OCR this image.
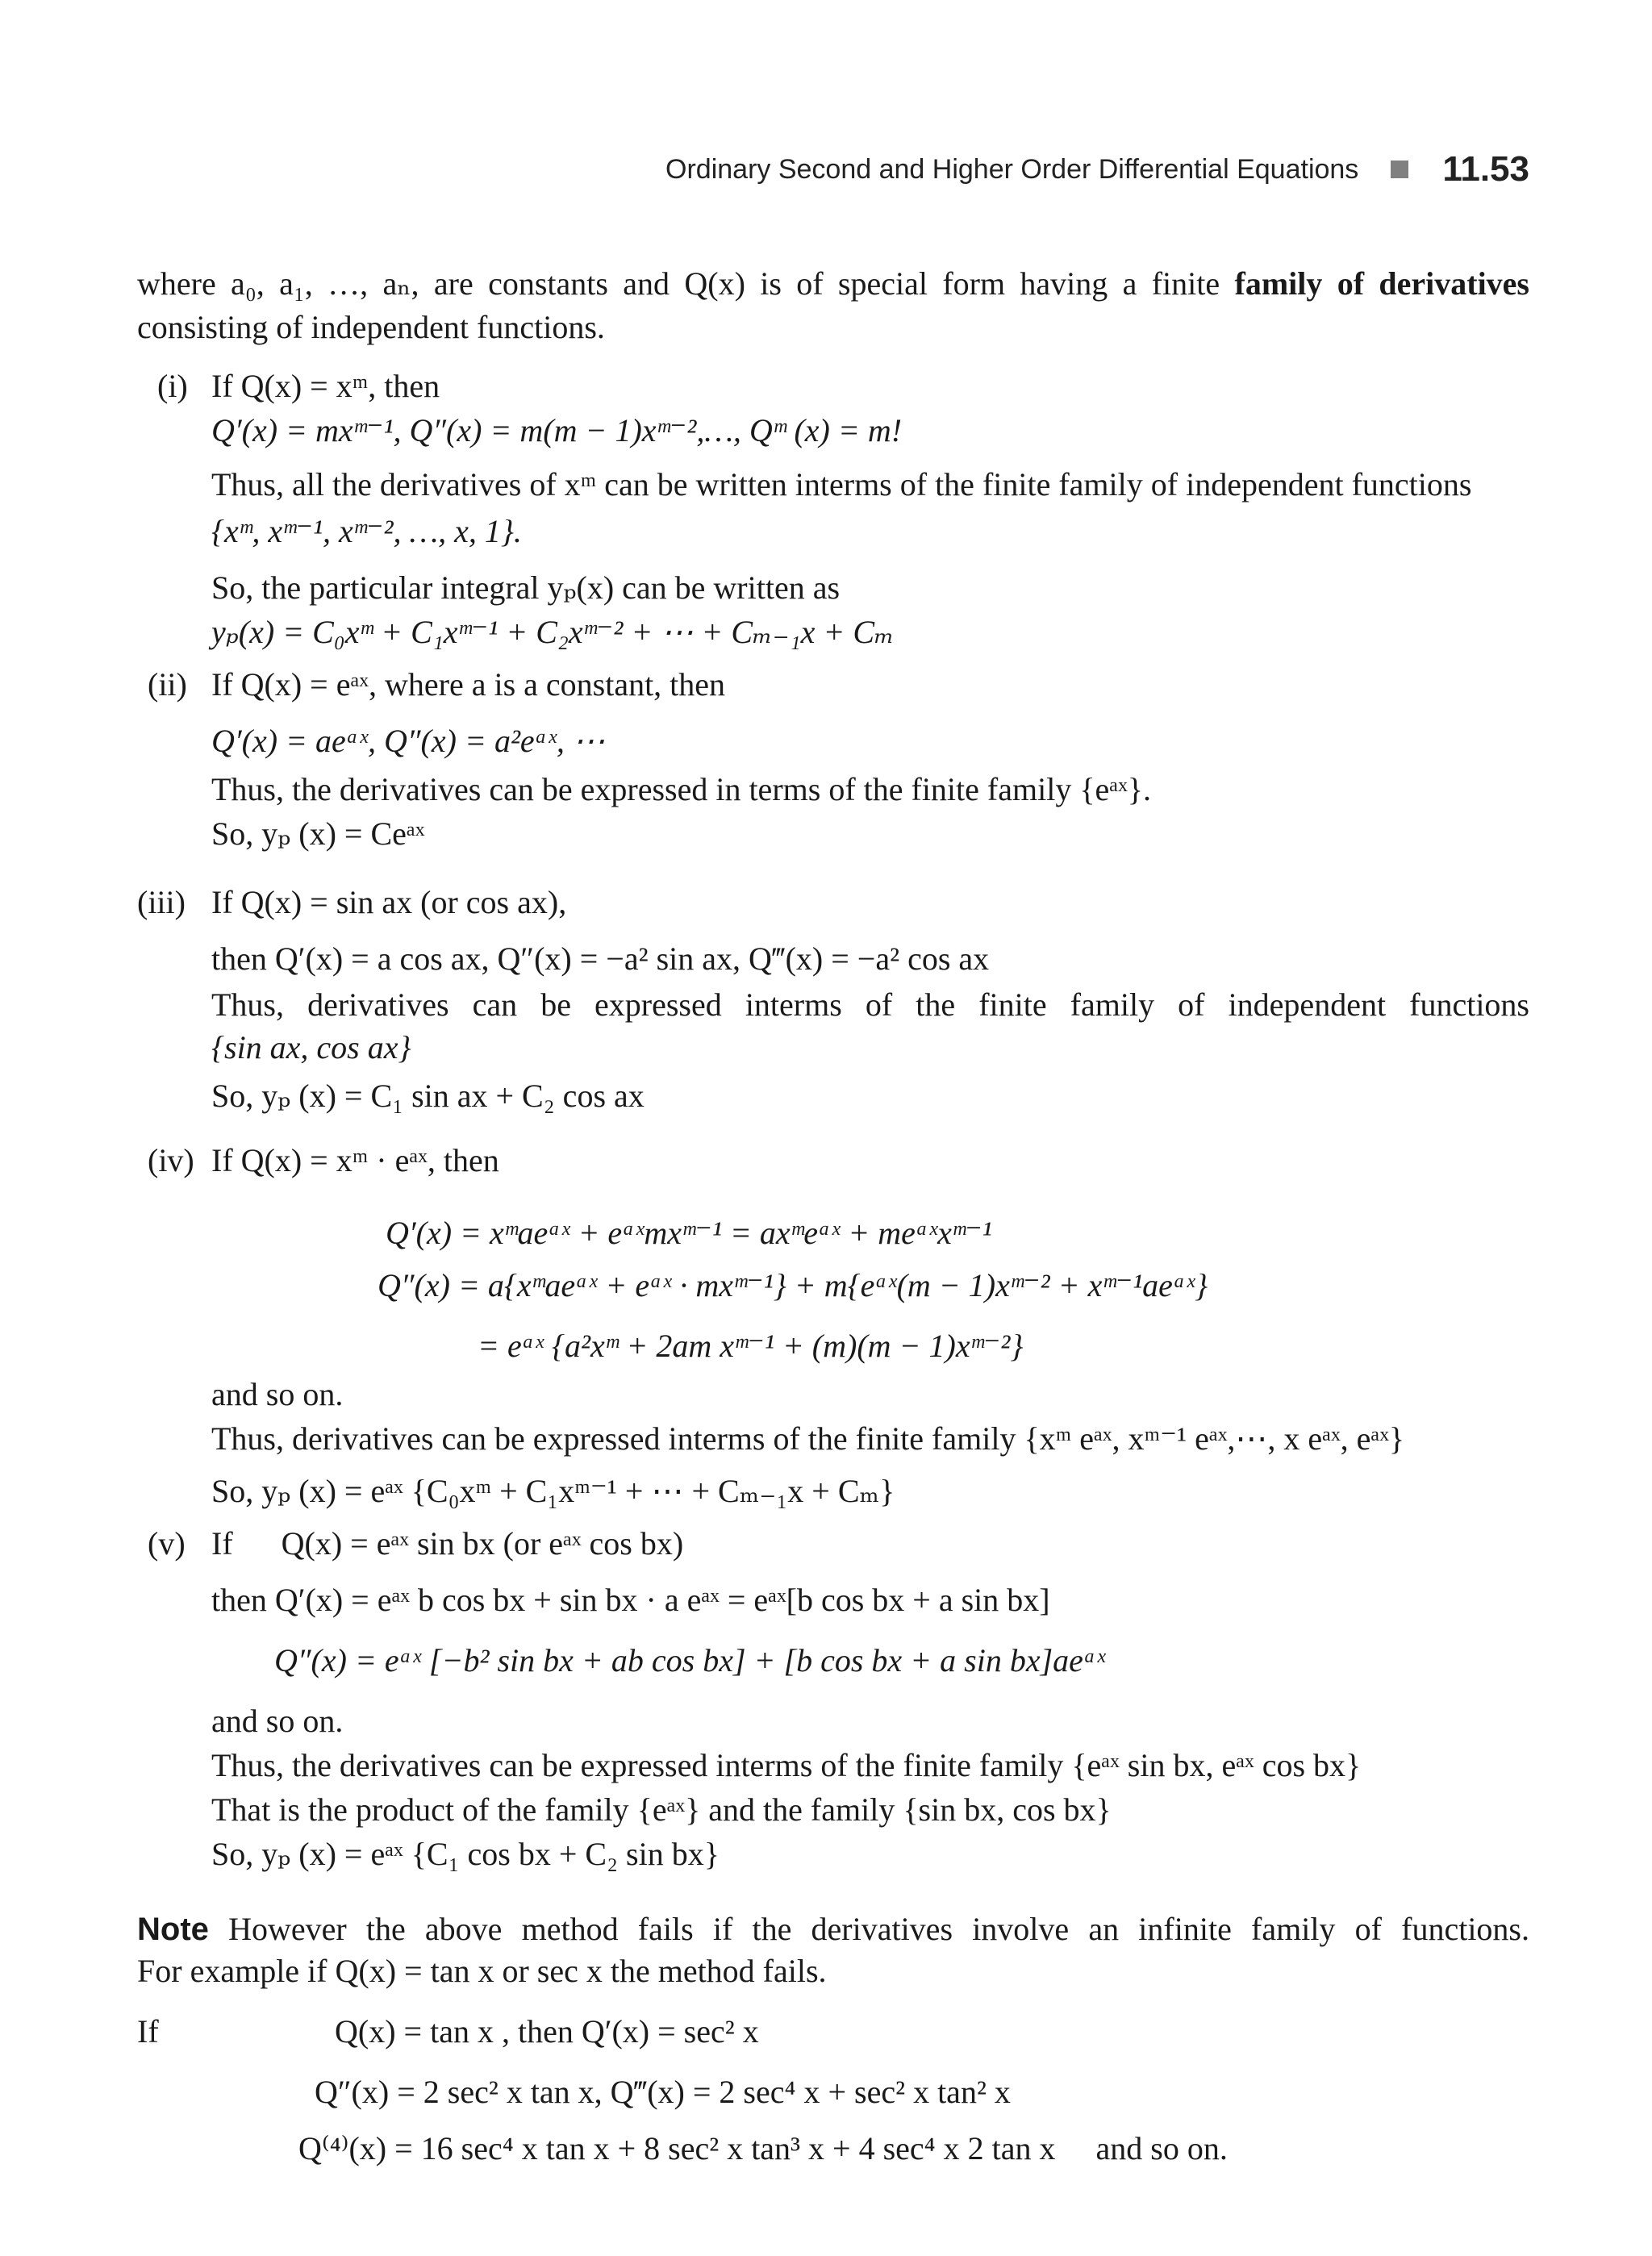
Ordinary Second and Higher Order Differential Equations 11.53
where a₀, a₁, …, aₙ, are constants and Q(x) is of special form having a finite family of derivatives consisting of independent functions.
(i) If Q(x) = xᵐ, then
Q′(x) = mxᵐ⁻¹, Q″(x) = m(m − 1)xᵐ⁻²,…, Qᵐ (x) = m!
Thus, all the derivatives of xᵐ can be written interms of the finite family of independent functions
{xᵐ, xᵐ⁻¹, xᵐ⁻², …, x, 1}.
So, the particular integral yₚ(x) can be written as
yₚ(x) = C₀xᵐ + C₁xᵐ⁻¹ + C₂xᵐ⁻² + ⋯ + Cₘ₋₁x + Cₘ
(ii) If Q(x) = eᵃˣ, where a is a constant, then
Q′(x) = aeᵃˣ, Q″(x) = a²eᵃˣ, ⋯
Thus, the derivatives can be expressed in terms of the finite family {eᵃˣ}.
So, yₚ (x) = Ceᵃˣ
(iii) If Q(x) = sin ax (or cos ax),
then Q′(x) = a cos ax, Q″(x) = −a² sin ax, Q‴(x) = −a² cos ax
Thus, derivatives can be expressed interms of the finite family of independent functions
{sin ax, cos ax}
So, yₚ (x) = C₁ sin ax + C₂ cos ax
(iv) If Q(x) = xᵐ · eᵃˣ, then
Q′(x) = xᵐaeᵃˣ + eᵃˣmxᵐ⁻¹ = axᵐeᵃˣ + meᵃˣxᵐ⁻¹
Q″(x) = a{xᵐaeᵃˣ + eᵃˣ · mxᵐ⁻¹} + m{eᵃˣ(m − 1)xᵐ⁻² + xᵐ⁻¹aeᵃˣ}
= eᵃˣ {a²xᵐ + 2am xᵐ⁻¹ + (m)(m − 1)xᵐ⁻²}
and so on.
Thus, derivatives can be expressed interms of the finite family {xᵐ eᵃˣ, xᵐ⁻¹ eᵃˣ,⋯, x eᵃˣ, eᵃˣ}
So, yₚ (x) = eᵃˣ {C₀xᵐ + C₁xᵐ⁻¹ + ⋯ + Cₘ₋₁x + Cₘ}
(v) If      Q(x) = eᵃˣ sin bx (or eᵃˣ cos bx)
then Q′(x) = eᵃˣ b cos bx + sin bx · a eᵃˣ = eᵃˣ[b cos bx + a sin bx]
Q″(x) = eᵃˣ [−b² sin bx + ab cos bx] + [b cos bx + a sin bx]aeᵃˣ
and so on.
Thus, the derivatives can be expressed interms of the finite family {eᵃˣ sin bx, eᵃˣ cos bx}
That is the product of the family {eᵃˣ} and the family {sin bx, cos bx}
So, yₚ (x) = eᵃˣ {C₁ cos bx + C₂ sin bx}
Note However the above method fails if the derivatives involve an infinite family of functions.
For example if Q(x) = tan x or sec x the method fails.
If	Q(x) = tan x , then Q′(x) = sec² x
Q″(x) = 2 sec² x tan x, Q‴(x) = 2 sec⁴ x + sec² x tan² x
Q⁽⁴⁾(x) = 16 sec⁴ x tan x + 8 sec² x tan³ x + 4 sec⁴ x 2 tan x and so on.
